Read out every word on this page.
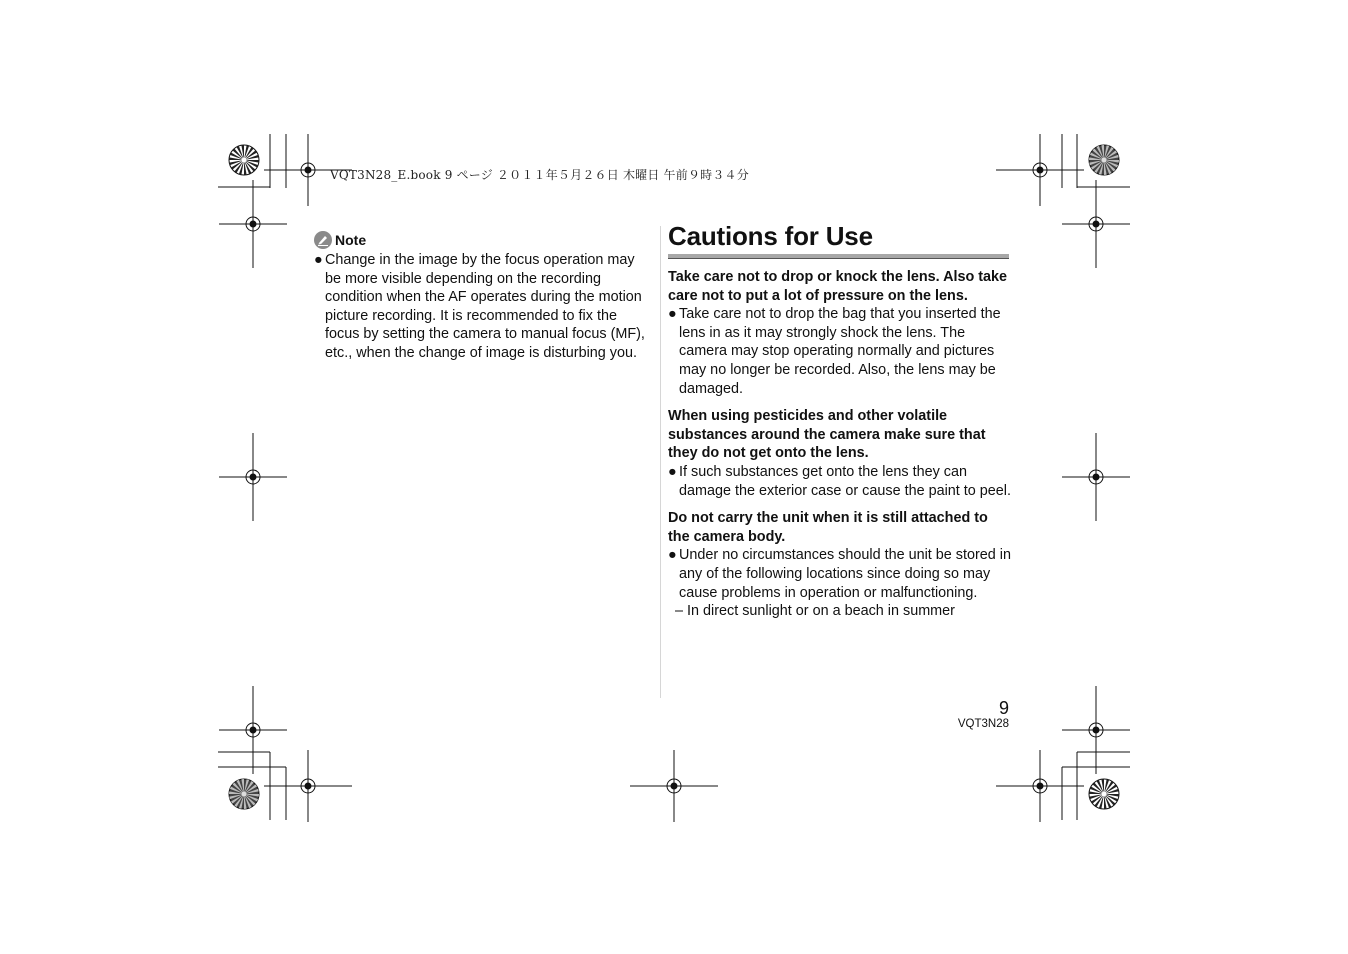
VQT3N28_E.book 9 ページ ２０１１年５月２６日 木曜日 午前９時３４分
Note
● Change in the image by the focus operation may be more visible depending on the recording condition when the AF operates during the motion picture recording. It is recommended to fix the focus by setting the camera to manual focus (MF), etc., when the change of image is disturbing you.
Cautions for Use
Take care not to drop or knock the lens. Also take care not to put a lot of pressure on the lens.
● Take care not to drop the bag that you inserted the lens in as it may strongly shock the lens. The camera may stop operating normally and pictures may no longer be recorded. Also, the lens may be damaged.
When using pesticides and other volatile substances around the camera make sure that they do not get onto the lens.
● If such substances get onto the lens they can damage the exterior case or cause the paint to peel.
Do not carry the unit when it is still attached to the camera body.
● Under no circumstances should the unit be stored in any of the following locations since doing so may cause problems in operation or malfunctioning.
– In direct sunlight or on a beach in summer
9
VQT3N28
